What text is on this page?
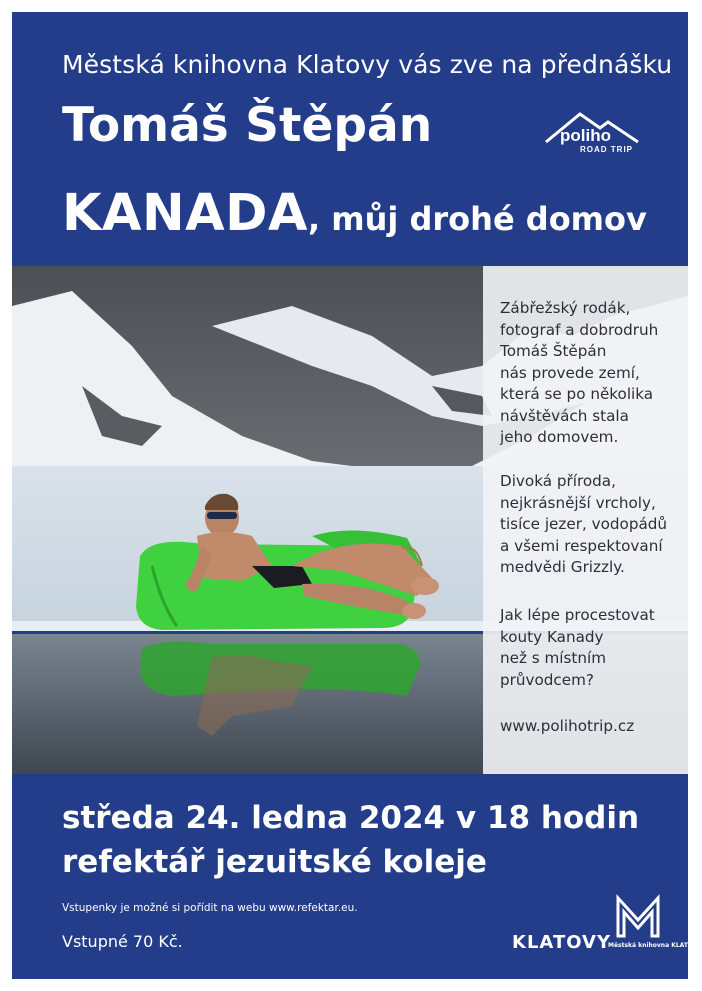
Městská knihovna Klatovy vás zve na přednášku
Tomáš Štěpán
KANADA, můj drohé domov
poliho
ROAD TRIP

Zábřežský rodák,
fotograf a dobrodruh
Tomáš Štěpán
nás provede zemí,
která se po několika
návštěvách stala
jeho domovem.

Divoká příroda,
nejkrásnější vrcholy,
tisíce jezer, vodopádů
a všemi respektovaní
medvědi Grizzly.

Jak lépe procestovat
kouty Kanady
než s místním
průvodcem?

www.polihotrip.cz

středa 24. ledna 2024 v 18 hodin
refektář jezuitské koleje
Vstupenky je možné si pořídit na webu www.refektar.eu.
Vstupné 70 Kč.	KLATOVY
Městská knihovna KLATOVY
